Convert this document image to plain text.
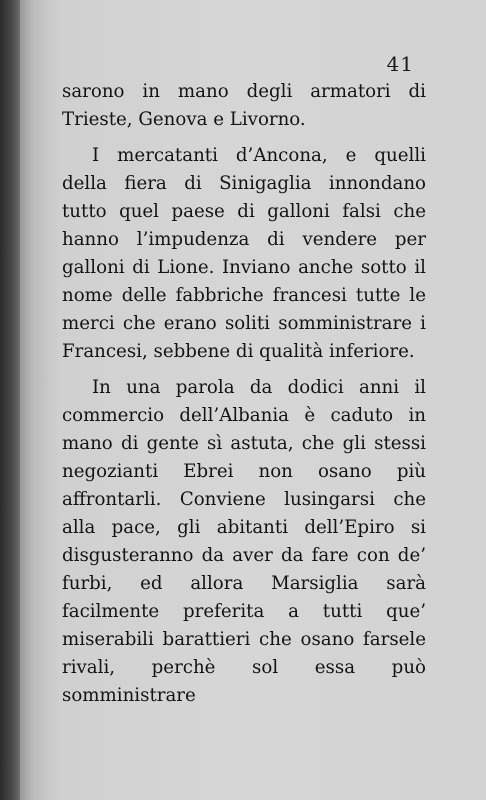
41

sarono in mano degli armatori di Trieste, Genova e Livorno.

I mercatanti d’Ancona, e quelli della fiera di Sinigaglia innondano tutto quel paese di galloni falsi che hanno l’impudenza di vendere per galloni di Lione. Inviano anche sotto il nome delle fabbriche francesi tutte le merci che erano soliti somministrare i Francesi, sebbene di qualità inferiore.

In una parola da dodici anni il commercio dell’Albania è caduto in mano di gente sì astuta, che gli stessi negozianti Ebrei non osano più affrontarli. Conviene lusingarsi che alla pace, gli abitanti dell’Epiro si disgusteranno da aver da fare con de’ furbi, ed allora Marsiglia sarà facilmente preferita a tutti que’ miserabili barattieri che osano farsele rivali, perchè sol essa può somministrare
